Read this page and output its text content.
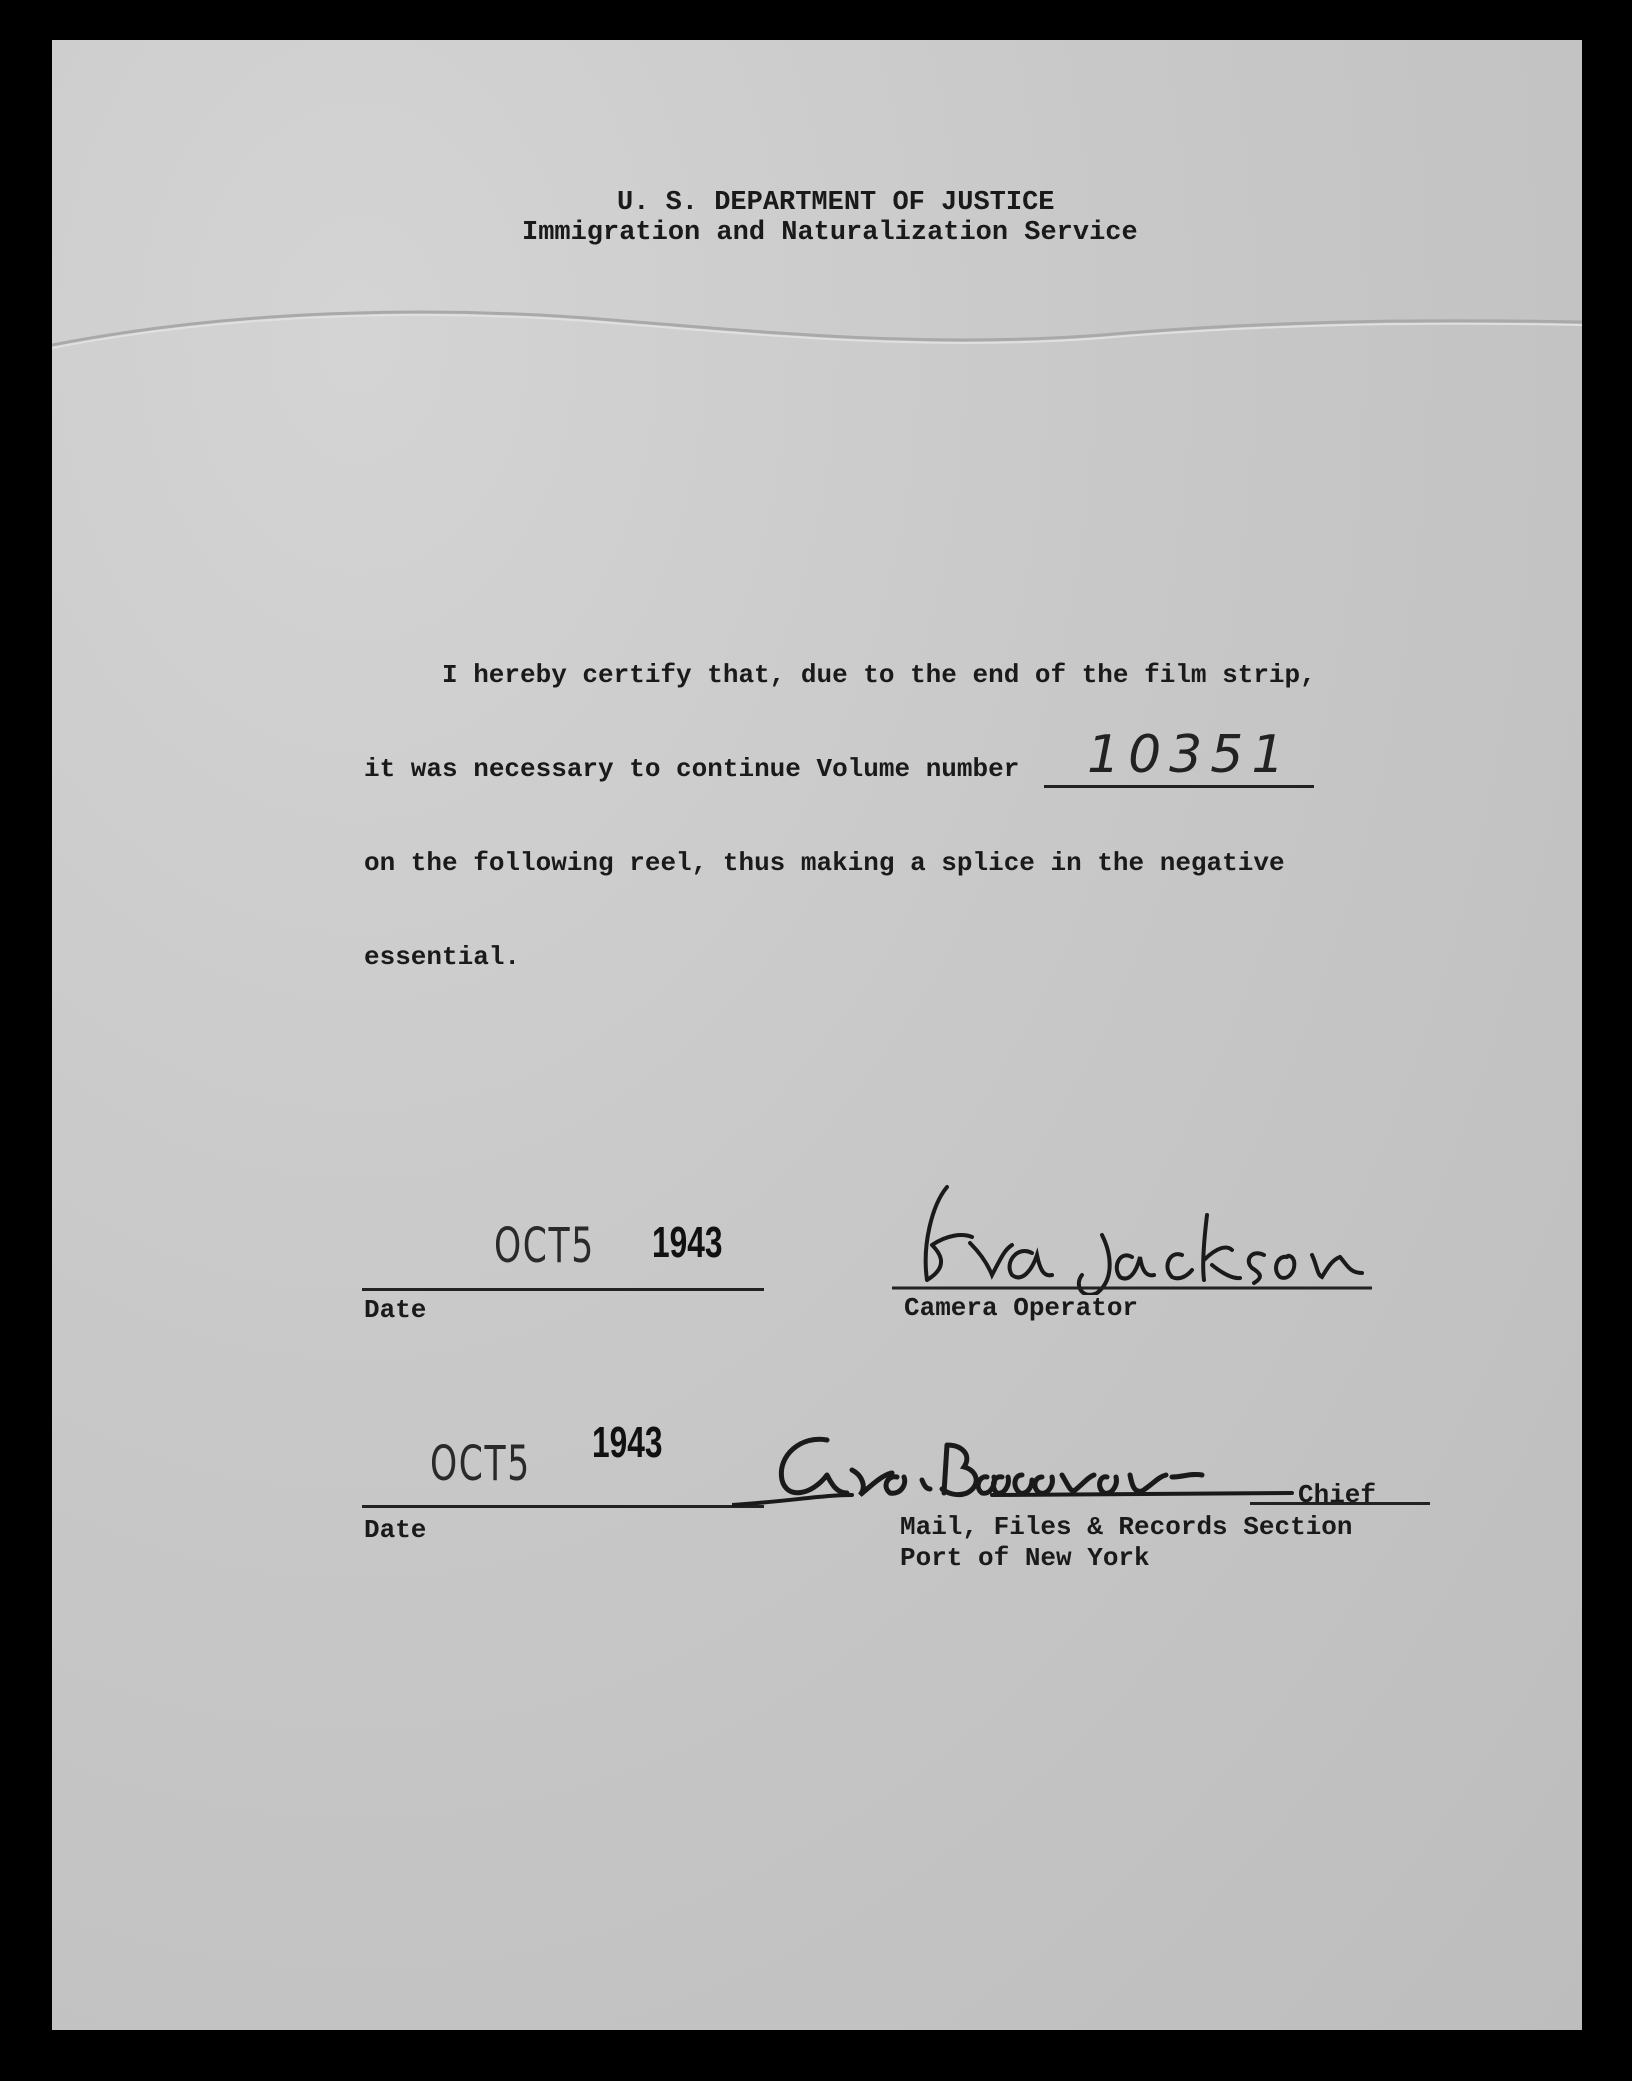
U. S. DEPARTMENT OF JUSTICE
Immigration and Naturalization Service
I hereby certify that, due to the end of the film strip,
it was necessary to continue Volume number 10351
on the following reel, thus making a splice in the negative
essential.
OCT5 1943
Date	Camera Operator
OCT5 1943
Date
Chief
Mail, Files & Records Section
Port of New York
